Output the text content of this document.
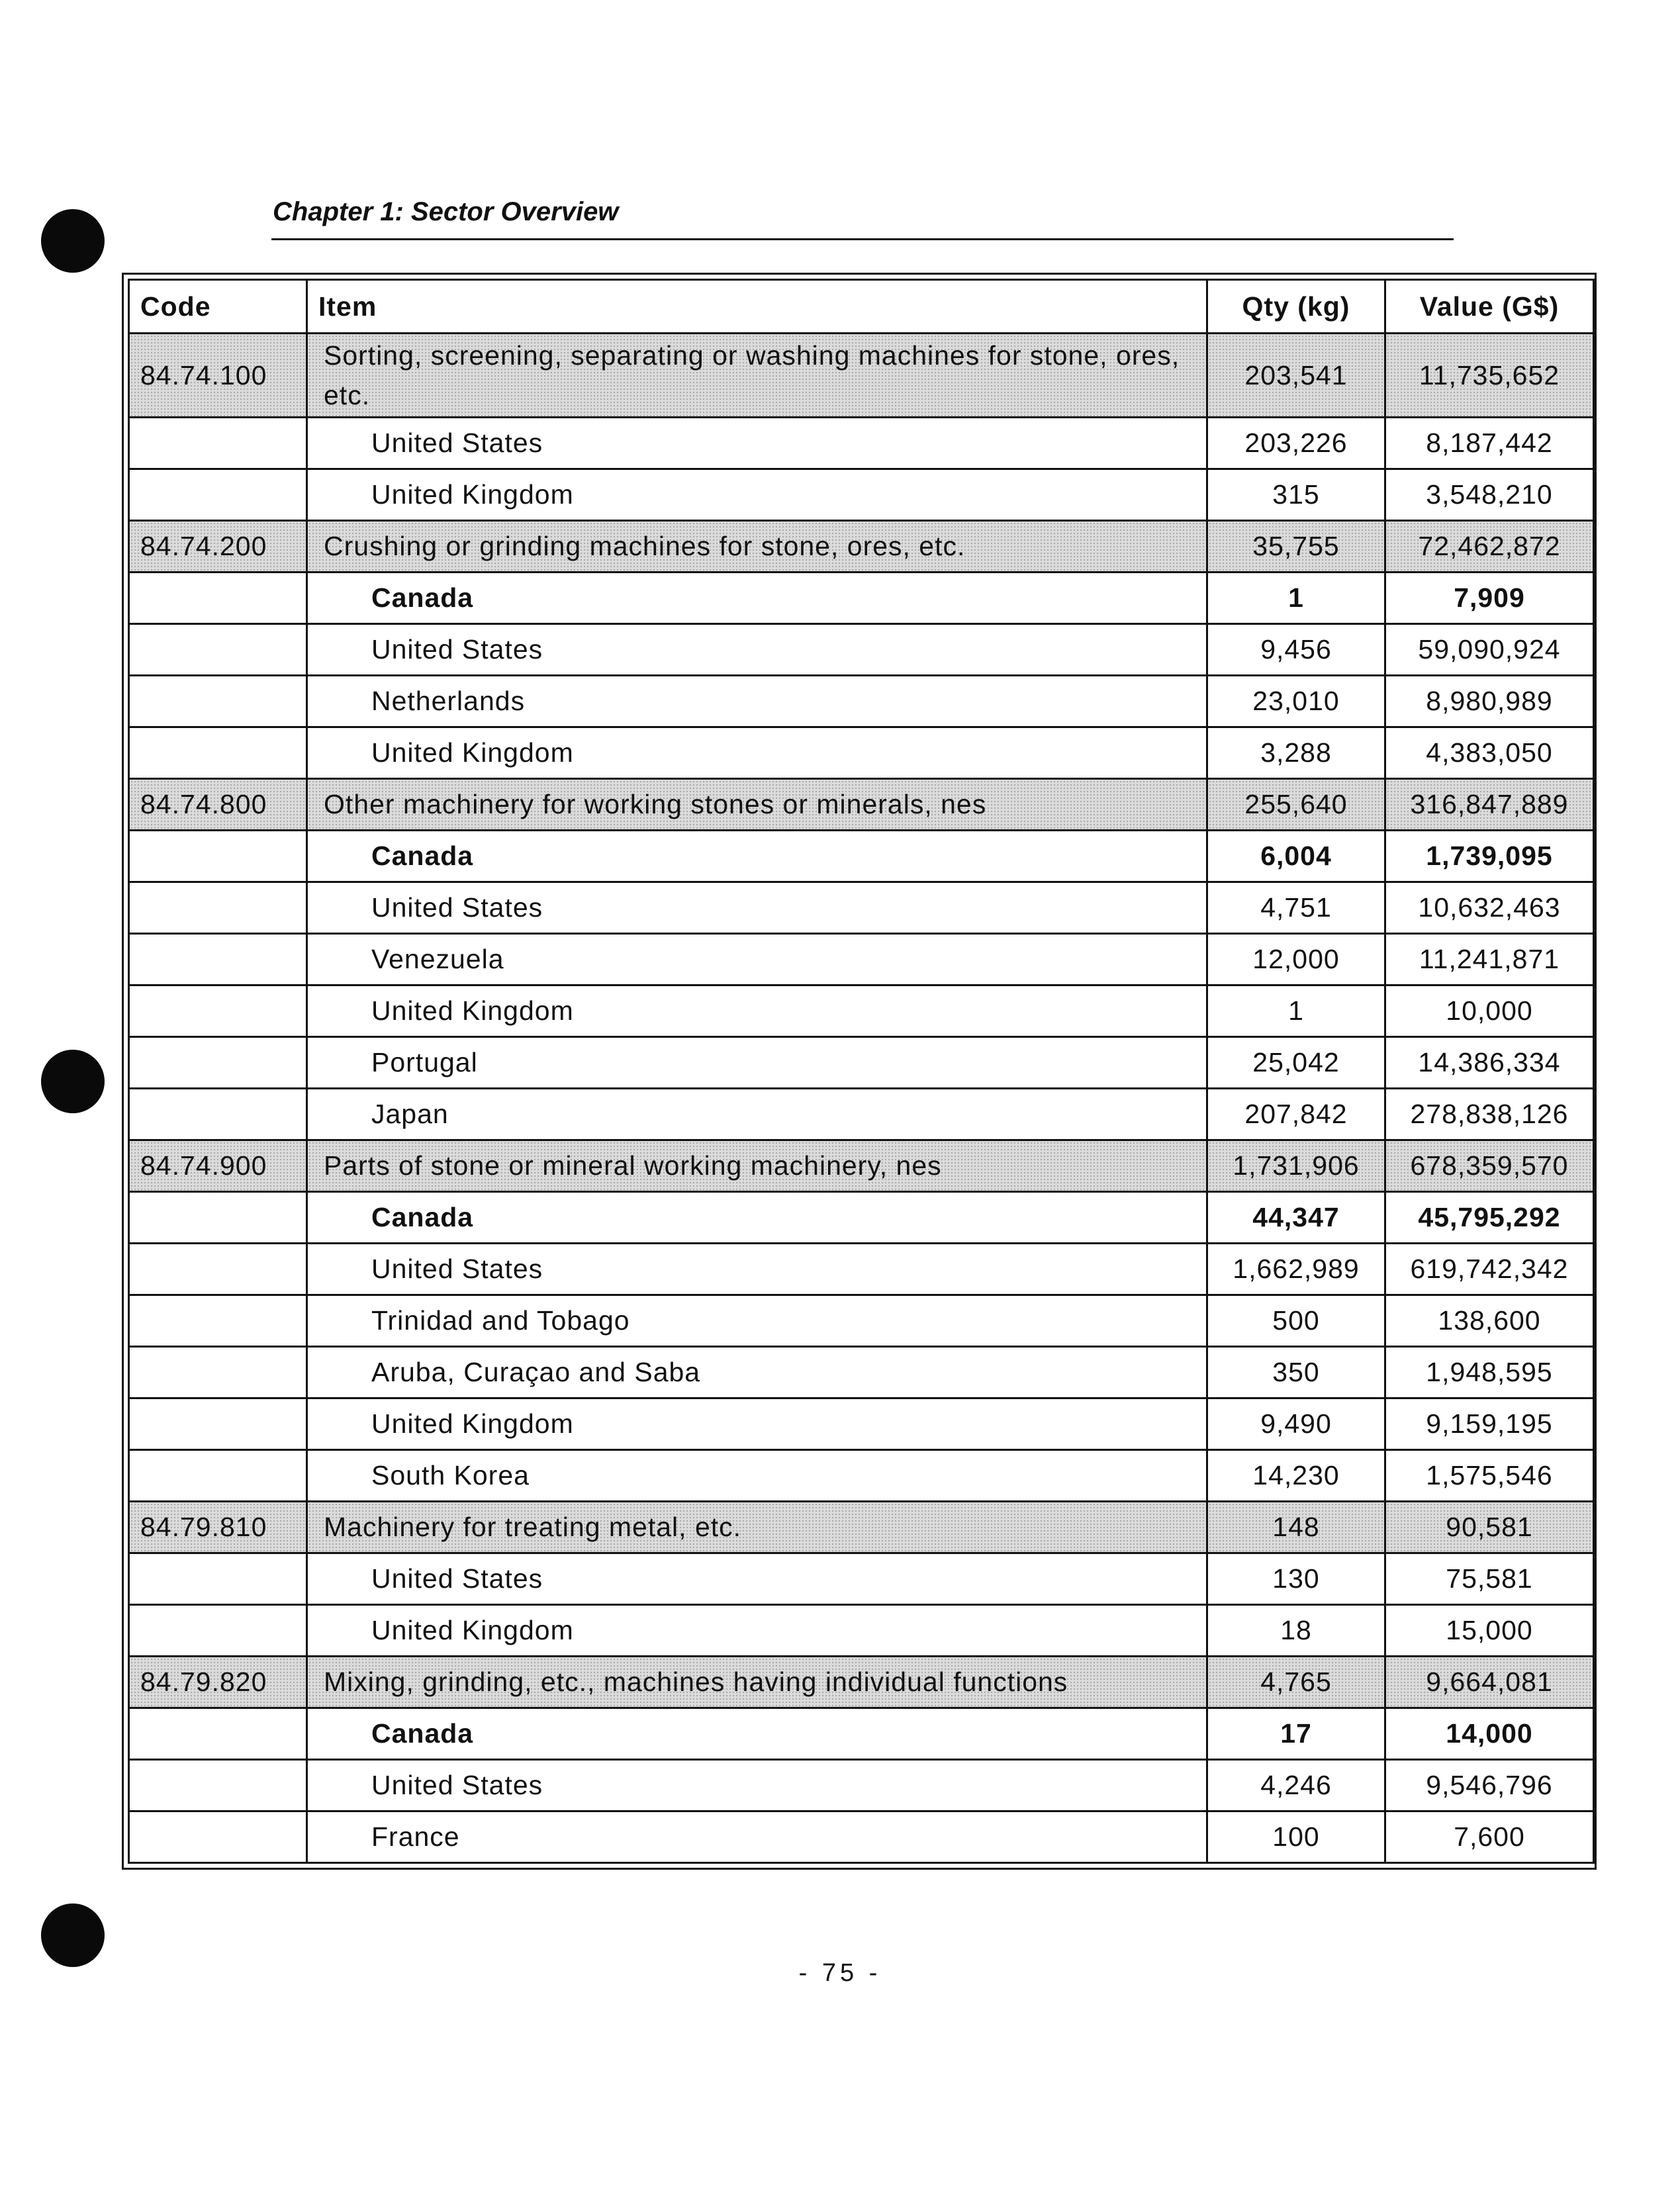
Chapter 1: Sector Overview
Code	Item	Qty (kg)	Value (G$)
84.74.100	Sorting, screening, separating or washing machines for stone, ores, etc.	203,541	11,735,652
	United States	203,226	8,187,442
	United Kingdom	315	3,548,210
84.74.200	Crushing or grinding machines for stone, ores, etc.	35,755	72,462,872
	Canada	1	7,909
	United States	9,456	59,090,924
	Netherlands	23,010	8,980,989
	United Kingdom	3,288	4,383,050
84.74.800	Other machinery for working stones or minerals, nes	255,640	316,847,889
	Canada	6,004	1,739,095
	United States	4,751	10,632,463
	Venezuela	12,000	11,241,871
	United Kingdom	1	10,000
	Portugal	25,042	14,386,334
	Japan	207,842	278,838,126
84.74.900	Parts of stone or mineral working machinery, nes	1,731,906	678,359,570
	Canada	44,347	45,795,292
	United States	1,662,989	619,742,342
	Trinidad and Tobago	500	138,600
	Aruba, Curaçao and Saba	350	1,948,595
	United Kingdom	9,490	9,159,195
	South Korea	14,230	1,575,546
84.79.810	Machinery for treating metal, etc.	148	90,581
	United States	130	75,581
	United Kingdom	18	15,000
84.79.820	Mixing, grinding, etc., machines having individual functions	4,765	9,664,081
	Canada	17	14,000
	United States	4,246	9,546,796
	France	100	7,600
- 75 -
